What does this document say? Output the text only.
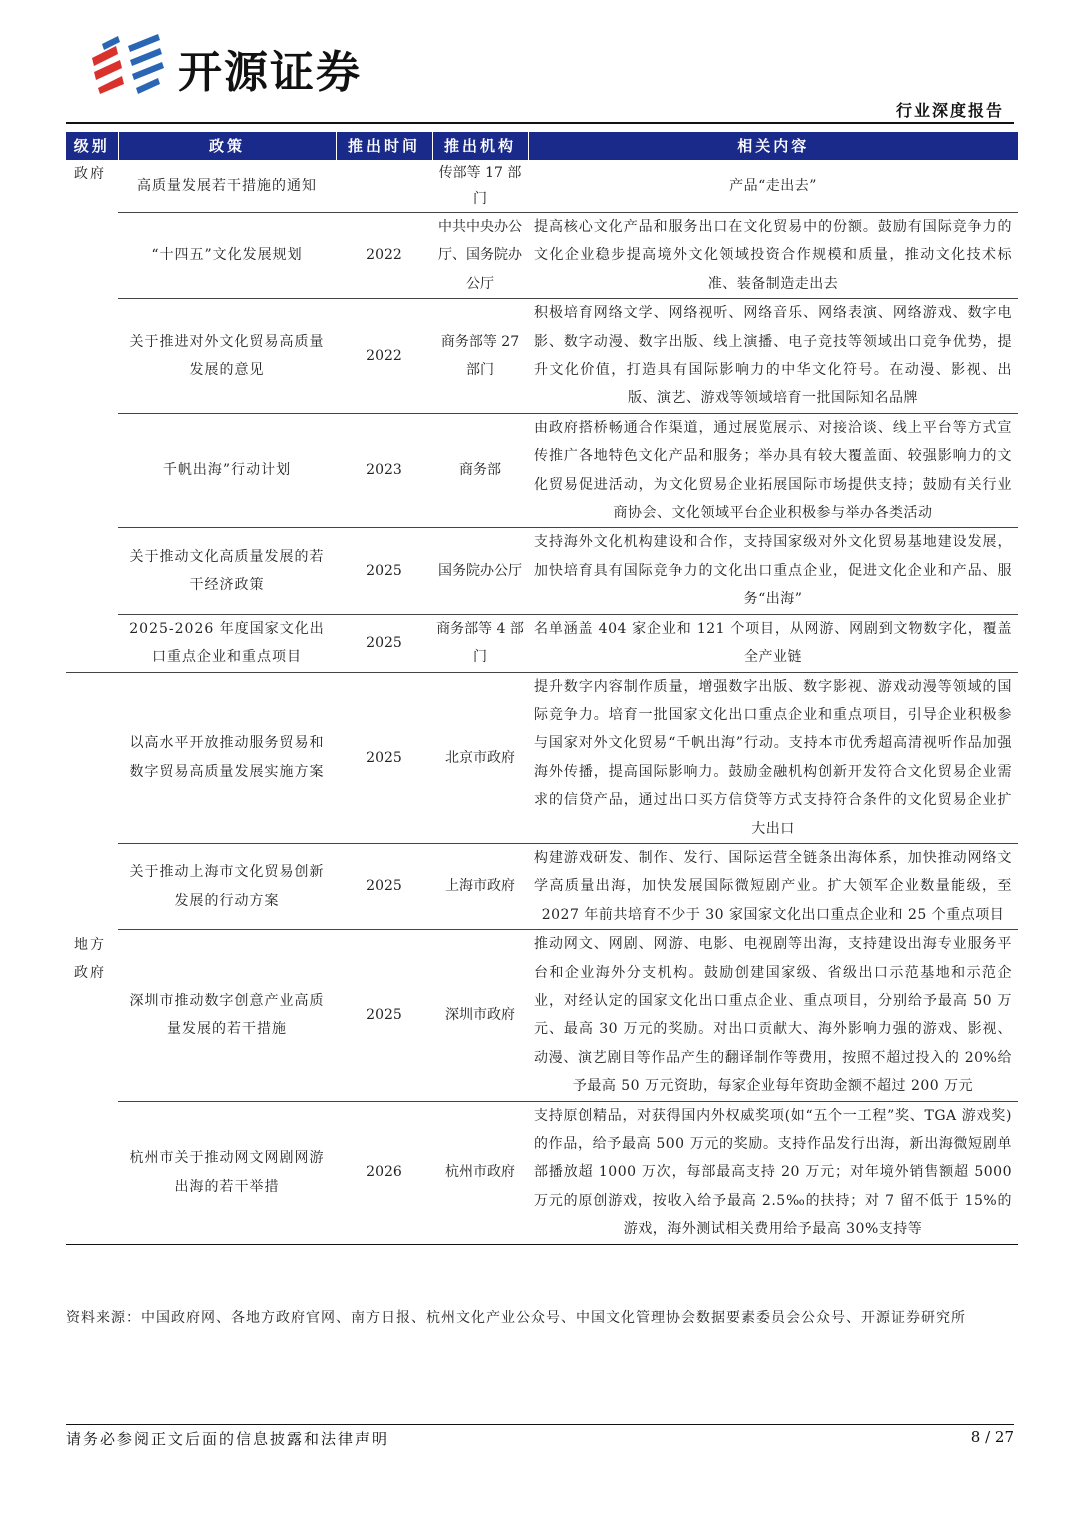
开源证券
行业深度报告
级别	政策	推出时间	推出机构	相关内容
政府	高质量发展若干措施的通知		传部等 17 部门	产品“走出去”
	“十四五”文化发展规划	2022	中共中央办公厅、国务院办公厅	提高核心文化产品和服务出口在文化贸易中的份额。鼓励有国际竞争力的文化企业稳步提高境外文化领域投资合作规模和质量，推动文化技术标准、装备制造走出去
	关于推进对外文化贸易高质量发展的意见	2022	商务部等 27 部门	积极培育网络文学、网络视听、网络音乐、网络表演、网络游戏、数字电影、数字动漫、数字出版、线上演播、电子竞技等领域出口竞争优势，提升文化价值，打造具有国际影响力的中华文化符号。在动漫、影视、出版、演艺、游戏等领域培育一批国际知名品牌
	千帆出海”行动计划	2023	商务部	由政府搭桥畅通合作渠道，通过展览展示、对接洽谈、线上平台等方式宣传推广各地特色文化产品和服务；举办具有较大覆盖面、较强影响力的文化贸易促进活动，为文化贸易企业拓展国际市场提供支持；鼓励有关行业商协会、文化领域平台企业积极参与举办各类活动
	关于推动文化高质量发展的若干经济政策	2025	国务院办公厅	支持海外文化机构建设和合作，支持国家级对外文化贸易基地建设发展，加快培育具有国际竞争力的文化出口重点企业，促进文化企业和产品、服务“出海”
	2025-2026 年度国家文化出口重点企业和重点项目	2025	商务部等 4 部门	名单涵盖 404 家企业和 121 个项目，从网游、网剧到文物数字化，覆盖全产业链
地方政府	以高水平开放推动服务贸易和数字贸易高质量发展实施方案	2025	北京市政府	提升数字内容制作质量，增强数字出版、数字影视、游戏动漫等领域的国际竞争力。培育一批国家文化出口重点企业和重点项目，引导企业积极参与国家对外文化贸易“千帆出海”行动。支持本市优秀超高清视听作品加强海外传播，提高国际影响力。鼓励金融机构创新开发符合文化贸易企业需求的信贷产品，通过出口买方信贷等方式支持符合条件的文化贸易企业扩大出口
	关于推动上海市文化贸易创新发展的行动方案	2025	上海市政府	构建游戏研发、制作、发行、国际运营全链条出海体系，加快推动网络文学高质量出海，加快发展国际微短剧产业。扩大领军企业数量能级，至 2027 年前共培育不少于 30 家国家文化出口重点企业和 25 个重点项目
	深圳市推动数字创意产业高质量发展的若干措施	2025	深圳市政府	推动网文、网剧、网游、电影、电视剧等出海，支持建设出海专业服务平台和企业海外分支机构。鼓励创建国家级、省级出口示范基地和示范企业，对经认定的国家文化出口重点企业、重点项目，分别给予最高 50 万元、最高 30 万元的奖励。对出口贡献大、海外影响力强的游戏、影视、动漫、演艺剧目等作品产生的翻译制作等费用，按照不超过投入的 20%给予最高 50 万元资助，每家企业每年资助金额不超过 200 万元
	杭州市关于推动网文网剧网游出海的若干举措	2026	杭州市政府	支持原创精品，对获得国内外权威奖项(如“五个一工程”奖、TGA 游戏奖)的作品，给予最高 500 万元的奖励。支持作品发行出海，新出海微短剧单部播放超 1000 万次，每部最高支持 20 万元；对年境外销售额超 5000 万元的原创游戏，按收入给予最高 2.5‰的扶持；对 7 留不低于 15%的游戏，海外测试相关费用给予最高 30%支持等
资料来源：中国政府网、各地方政府官网、南方日报、杭州文化产业公众号、中国文化管理协会数据要素委员会公众号、开源证券研究所
请务必参阅正文后面的信息披露和法律声明	8 / 27
